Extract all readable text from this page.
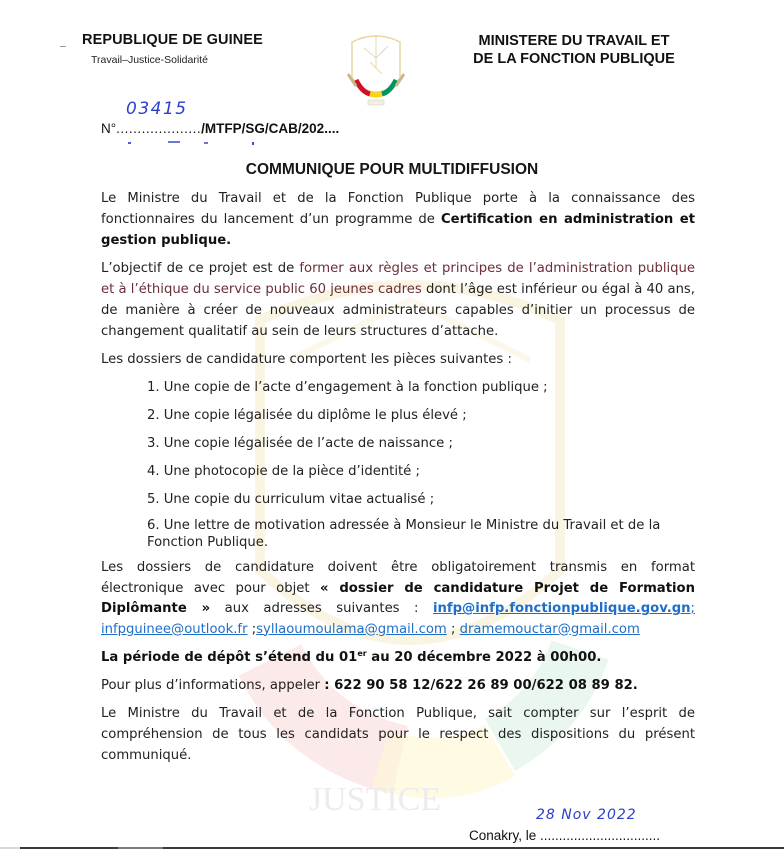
JUSTICE
REPUBLIQUE DE GUINEE
Travail–Justice-Solidarité
MINISTERE DU TRAVAIL ET
DE LA FONCTION PUBLIQUE
03415
N°..................../MTFP/SG/CAB/202....
COMMUNIQUE POUR MULTIDIFFUSION

Le Ministre du Travail et de la Fonction Publique porte à la connaissance des fonctionnaires du lancement d’un programme de Certification en administration et gestion publique.

L’objectif de ce projet est de former aux règles et principes de l’administration publique et à l’éthique du service public 60 jeunes cadres dont l’âge est inférieur ou égal à 40 ans, de manière à créer de nouveaux administrateurs capables d’initier un processus de changement qualitatif au sein de leurs structures d’attache.

Les dossiers de candidature comportent les pièces suivantes :

1. Une copie de l’acte d’engagement à la fonction publique ;
2. Une copie légalisée du diplôme le plus élevé ;
3. Une copie légalisée de l’acte de naissance ;
4. Une photocopie de la pièce d’identité ;
5. Une copie du curriculum vitae actualisé ;
6. Une lettre de motivation adressée à Monsieur le Ministre du Travail et de la Fonction Publique.

Les dossiers de candidature doivent être obligatoirement transmis en format électronique avec pour objet « dossier de candidature Projet de Formation Diplômante » aux adresses suivantes : infp@infp.fonctionpublique.gov.gn; infpguinee@outlook.fr ;syllaoumoulama@gmail.com ; dramemouctar@gmail.com

La période de dépôt s’étend du 01er au 20 décembre 2022 à 00h00.

Pour plus d’informations, appeler : 622 90 58 12/622 26 89 00/622 08 89 82.

Le Ministre du Travail et de la Fonction Publique, sait compter sur l’esprit de compréhension de tous les candidats pour le respect des dispositions du présent communiqué.

28 Nov 2022
Conakry, le ................................
